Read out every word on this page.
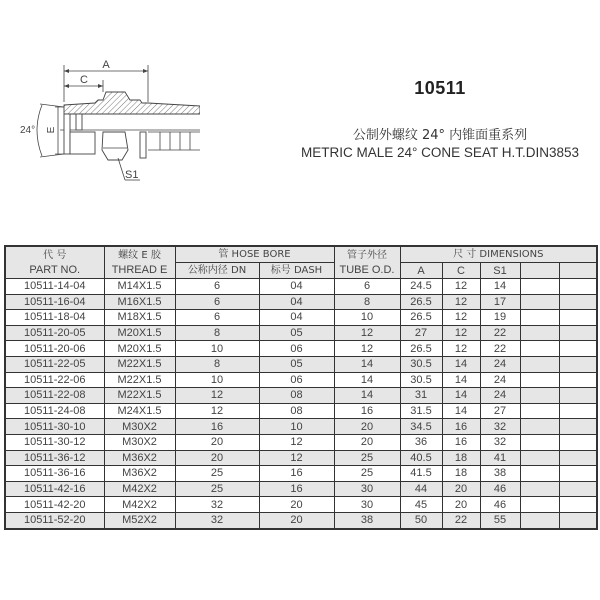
A
C
E
24°
S1
10511
公制外螺纹 24° 内锥面重系列
METRIC MALE 24° CONE SEAT H.T.DIN3853
代 号
PART NO.	螺纹 E 胶
THREAD E	管 HOSE BORE		管子外径
TUBE O.D.	尺 寸 DIMENSIONS				
		公称内径 DN	标号 DASH		A	C	S1		
10511-14-04	M14X1.5	6	04	6	24.5	12	14		
10511-16-04	M16X1.5	6	04	8	26.5	12	17		
10511-18-04	M18X1.5	6	04	10	26.5	12	19		
10511-20-05	M20X1.5	8	05	12	27	12	22		
10511-20-06	M20X1.5	10	06	12	26.5	12	22		
10511-22-05	M22X1.5	8	05	14	30.5	14	24		
10511-22-06	M22X1.5	10	06	14	30.5	14	24		
10511-22-08	M22X1.5	12	08	14	31	14	24		
10511-24-08	M24X1.5	12	08	16	31.5	14	27		
10511-30-10	M30X2	16	10	20	34.5	16	32		
10511-30-12	M30X2	20	12	20	36	16	32		
10511-36-12	M36X2	20	12	25	40.5	18	41		
10511-36-16	M36X2	25	16	25	41.5	18	38		
10511-42-16	M42X2	25	16	30	44	20	46		
10511-42-20	M42X2	32	20	30	45	20	46		
10511-52-20	M52X2	32	20	38	50	22	55		
